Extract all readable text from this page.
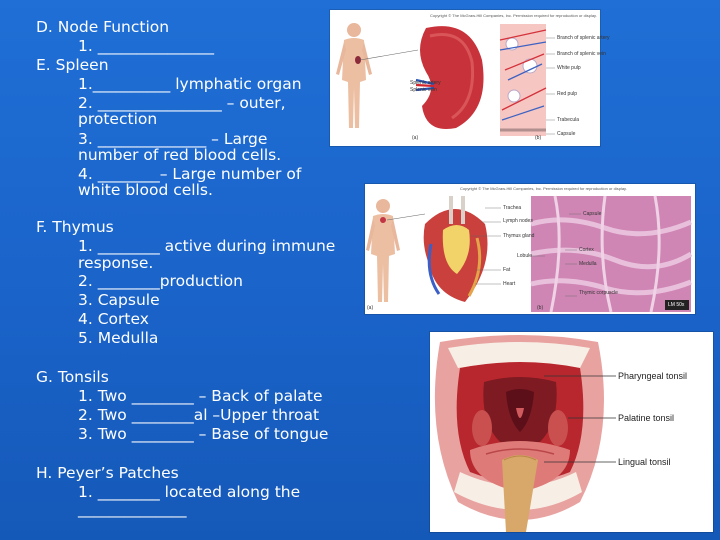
D. Node Function
1. _______________
E. Spleen
1.__________ lymphatic organ
2. ________________ – outer,
protection
3. ______________ – Large
number of red blood cells.
4. ________– Large number of
white blood cells.
F. Thymus
1. ________ active during immune
response.
2. ________production
3. Capsule
4. Cortex
5. Medulla
G. Tonsils
1. Two ________ – Back of palate
2. Two ________al –Upper throat
3. Two ________ – Base of tongue
H. Peyer’s Patches
1. ________ located along the
______________
Copyright © The McGraw-Hill Companies, Inc. Permission required for reproduction or display.
Splenic artery
Splenic vein
Branch of splenic artery
Branch of splenic vein
White pulp
Red pulp
Trabecula
Capsule
(a)	(b)
Copyright © The McGraw-Hill Companies, Inc. Permission required for reproduction or display.
Trachea
Lymph nodes
Thymus gland
Fat
Heart
Capsule
Lobule
Cortex
Medulla
Thymic corpuscle
(a)	(b)	LM 50x
Pharyngeal tonsil
Palatine tonsil
Lingual tonsil
